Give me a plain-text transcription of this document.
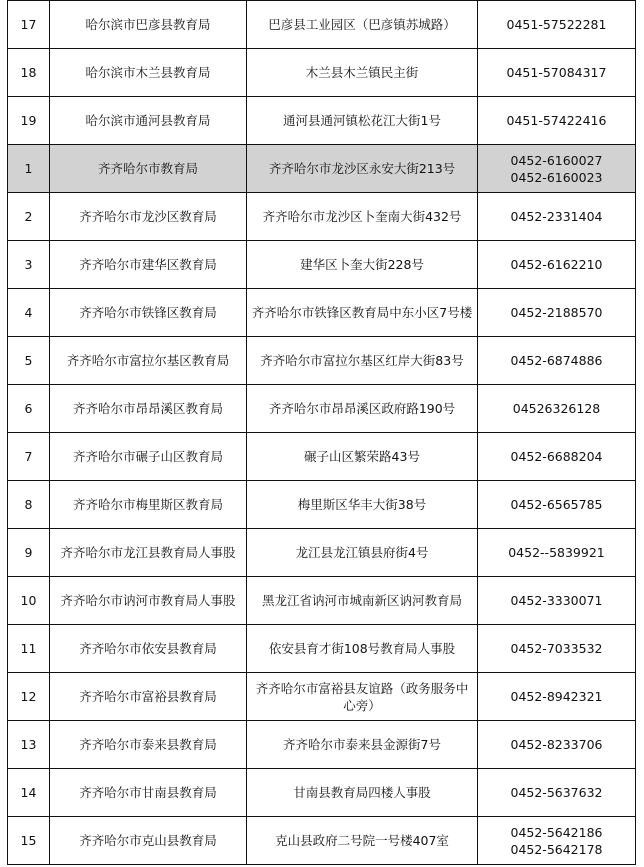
17	哈尔滨市巴彦县教育局	巴彦县工业园区（巴彦镇苏城路）	0451-57522281

18	哈尔滨市木兰县教育局	木兰县木兰镇民主街	0451-57084317

19	哈尔滨市通河县教育局	通河县通河镇松花江大街1号	0451-57422416

1	齐齐哈尔市教育局	齐齐哈尔市龙沙区永安大街213号	0452-6160027
0452-6160023

2	齐齐哈尔市龙沙区教育局	齐齐哈尔市龙沙区卜奎南大街432号	0452-2331404

3	齐齐哈尔市建华区教育局	建华区卜奎大街228号	0452-6162210

4	齐齐哈尔市铁锋区教育局	齐齐哈尔市铁锋区教育局中东小区7号楼	0452-2188570

5	齐齐哈尔市富拉尔基区教育局	齐齐哈尔市富拉尔基区红岸大街83号	0452-6874886

6	齐齐哈尔市昂昂溪区教育局	齐齐哈尔市昂昂溪区政府路190号	04526326128

7	齐齐哈尔市碾子山区教育局	碾子山区繁荣路43号	0452-6688204

8	齐齐哈尔市梅里斯区教育局	梅里斯区华丰大街38号	0452-6565785

9	齐齐哈尔市龙江县教育局人事股	龙江县龙江镇县府街4号	0452--5839921

10	齐齐哈尔市讷河市教育局人事股	黑龙江省讷河市城南新区讷河教育局	0452-3330071

11	齐齐哈尔市依安县教育局	依安县育才街108号教育局人事股	0452-7033532

12	齐齐哈尔市富裕县教育局	齐齐哈尔市富裕县友谊路（政务服务中心旁）	0452-8942321

13	齐齐哈尔市泰来县教育局	齐齐哈尔市泰来县金源街7号	0452-8233706

14	齐齐哈尔市甘南县教育局	甘南县教育局四楼人事股	0452-5637632

15	齐齐哈尔市克山县教育局	克山县政府二号院一号楼407室	0452-5642186
0452-5642178
